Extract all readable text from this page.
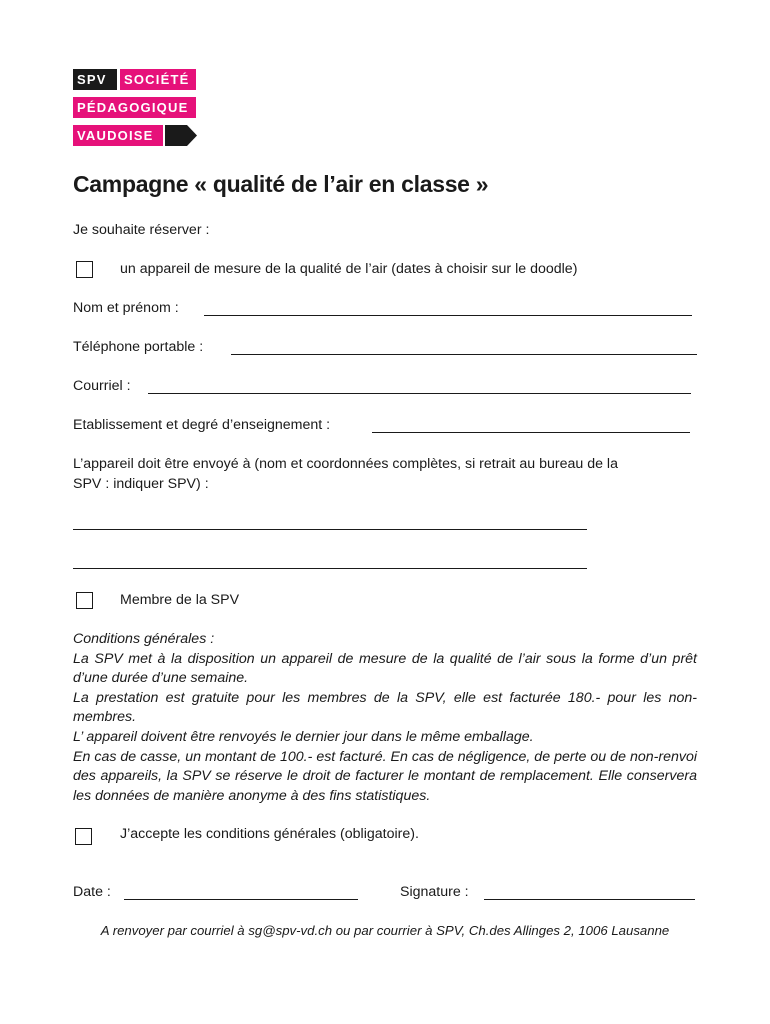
SPV	SOCIÉTÉ
PÉDAGOGIQUE
VAUDOISE
Campagne « qualité de l’air en classe »
Je souhaite réserver :
un appareil de mesure de la qualité de l’air (dates à choisir sur le doodle)
Nom et prénom :
Téléphone portable :
Courriel :
Etablissement et degré d’enseignement :
L’appareil doit être envoyé à (nom et coordonnées complètes, si retrait au bureau de la
SPV : indiquer SPV) :
Membre de la SPV

Conditions générales :

La SPV met à la disposition un appareil de mesure de la qualité de l’air sous la forme d’un prêt d’une durée d’une semaine.

La prestation est gratuite pour les membres de la SPV, elle est facturée 180.- pour les non-membres.

L’ appareil doivent être renvoyés le dernier jour dans le même emballage.

En cas de casse, un montant de 100.- est facturé. En cas de négligence, de perte ou de non-renvoi des appareils, la SPV se réserve le droit de facturer le montant de remplacement. Elle conservera les données de manière anonyme à des fins statistiques.

J’accepte les conditions générales (obligatoire).
Date :	Signature :
A renvoyer par courriel à sg@spv-vd.ch ou par courrier à SPV, Ch.des Allinges 2, 1006 Lausanne
